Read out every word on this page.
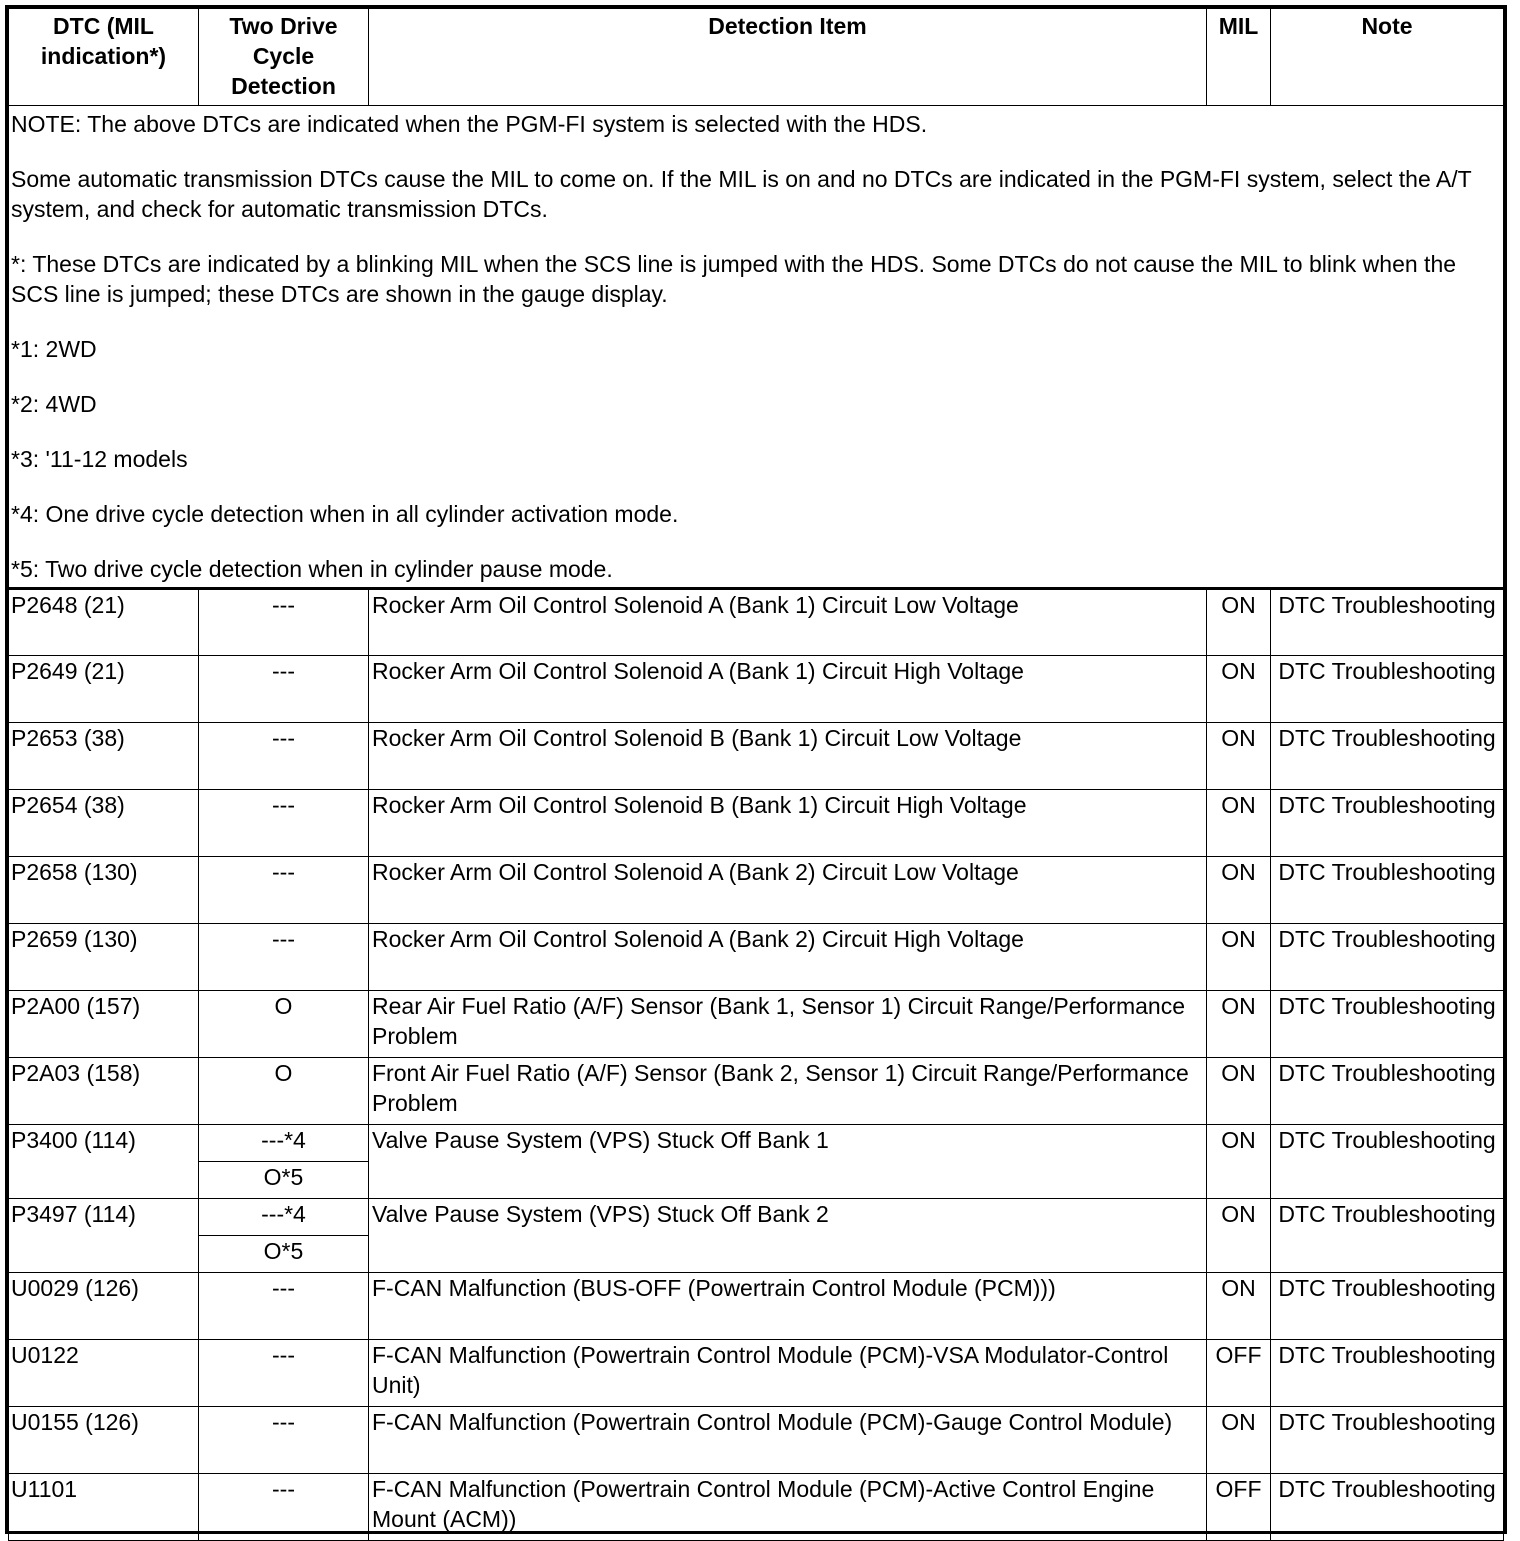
DTC (MIL indication*)	Two Drive Cycle Detection	Detection Item	MIL	Note

NOTE: The above DTCs are indicated when the PGM-FI system is selected with the HDS.

Some automatic transmission DTCs cause the MIL to come on. If the MIL is on and no DTCs are indicated in the PGM-FI system, select the A/T system, and check for automatic transmission DTCs.

*: These DTCs are indicated by a blinking MIL when the SCS line is jumped with the HDS. Some DTCs do not cause the MIL to blink when the SCS line is jumped; these DTCs are shown in the gauge display.

*1: 2WD

*2: 4WD

*3: '11-12 models

*4: One drive cycle detection when in all cylinder activation mode.

*5: Two drive cycle detection when in cylinder pause mode.

P2648 (21)	---	Rocker Arm Oil Control Solenoid A (Bank 1) Circuit Low Voltage	ON	DTC Troubleshooting
P2649 (21)	---	Rocker Arm Oil Control Solenoid A (Bank 1) Circuit High Voltage	ON	DTC Troubleshooting
P2653 (38)	---	Rocker Arm Oil Control Solenoid B (Bank 1) Circuit Low Voltage	ON	DTC Troubleshooting
P2654 (38)	---	Rocker Arm Oil Control Solenoid B (Bank 1) Circuit High Voltage	ON	DTC Troubleshooting
P2658 (130)	---	Rocker Arm Oil Control Solenoid A (Bank 2) Circuit Low Voltage	ON	DTC Troubleshooting
P2659 (130)	---	Rocker Arm Oil Control Solenoid A (Bank 2) Circuit High Voltage	ON	DTC Troubleshooting
P2A00 (157)	O	Rear Air Fuel Ratio (A/F) Sensor (Bank 1, Sensor 1) Circuit Range/Performance Problem	ON	DTC Troubleshooting
P2A03 (158)	O	Front Air Fuel Ratio (A/F) Sensor (Bank 2, Sensor 1) Circuit Range/Performance Problem	ON	DTC Troubleshooting
P3400 (114)	---*4	Valve Pause System (VPS) Stuck Off Bank 1	ON	DTC Troubleshooting
	O*5			
P3497 (114)	---*4	Valve Pause System (VPS) Stuck Off Bank 2	ON	DTC Troubleshooting
	O*5			
U0029 (126)	---	F-CAN Malfunction (BUS-OFF (Powertrain Control Module (PCM)))	ON	DTC Troubleshooting
U0122	---	F-CAN Malfunction (Powertrain Control Module (PCM)-VSA Modulator-Control Unit)	OFF	DTC Troubleshooting
U0155 (126)	---	F-CAN Malfunction (Powertrain Control Module (PCM)-Gauge Control Module)	ON	DTC Troubleshooting
U1101	---	F-CAN Malfunction (Powertrain Control Module (PCM)-Active Control Engine Mount (ACM))	OFF	DTC Troubleshooting
